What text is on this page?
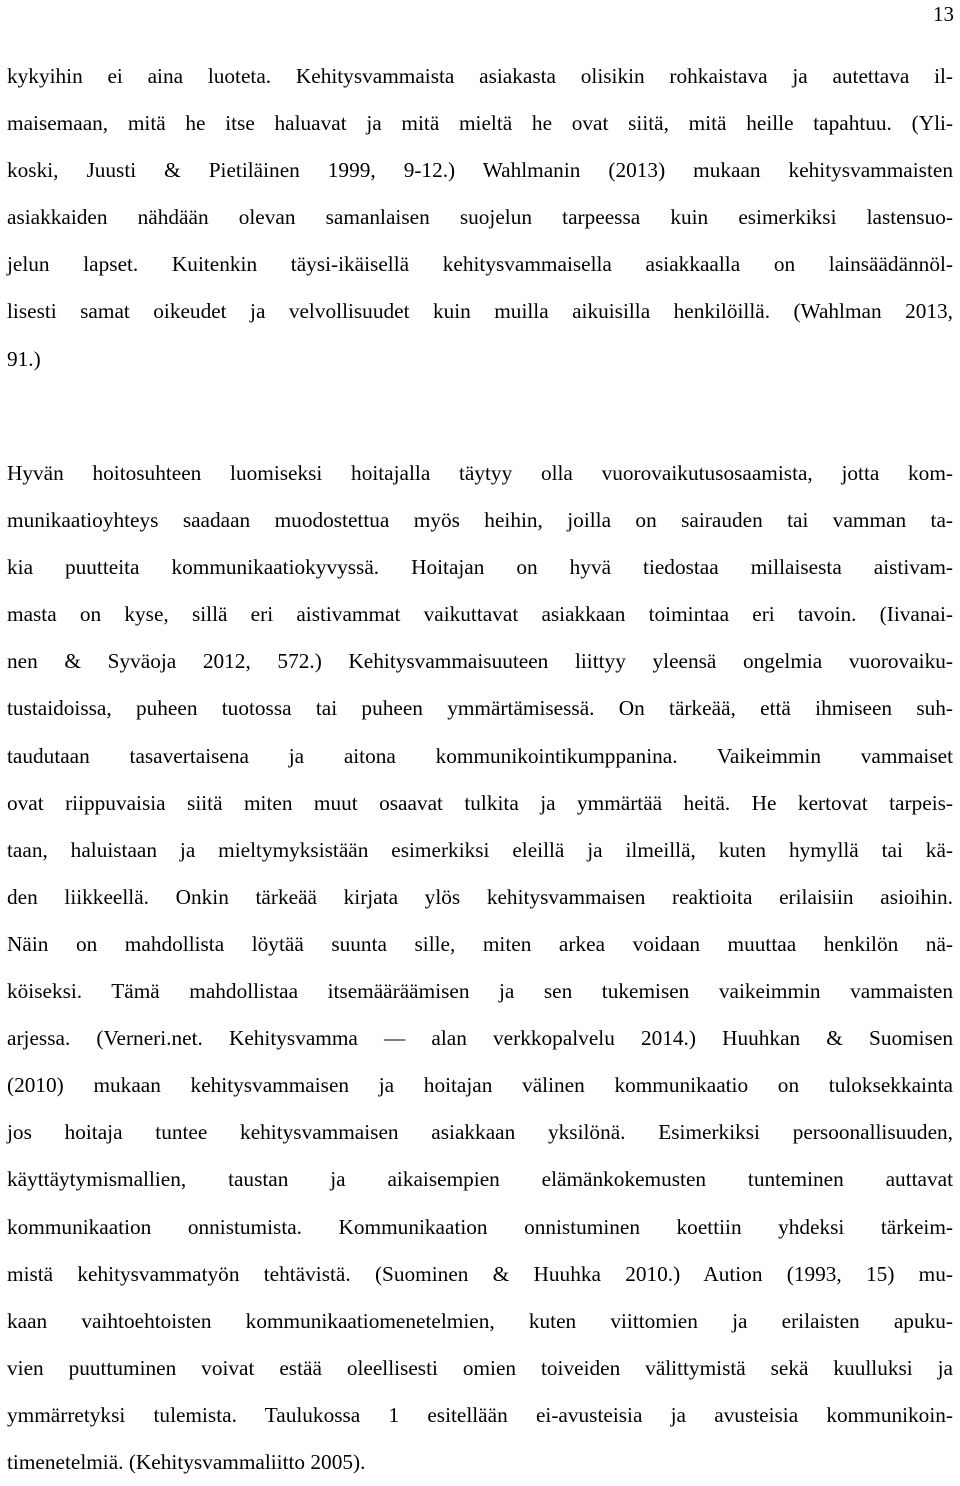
13
kykyihin ei aina luoteta. Kehitysvammaista asiakasta olisikin rohkaistava ja autettava il-
maisemaan, mitä he itse haluavat ja mitä mieltä he ovat siitä, mitä heille tapahtuu. (Yli-
koski, Juusti & Pietiläinen 1999, 9-12.) Wahlmanin (2013) mukaan kehitysvammaisten
asiakkaiden nähdään olevan samanlaisen suojelun tarpeessa kuin esimerkiksi lastensuo-
jelun lapset. Kuitenkin täysi-ikäisellä kehitysvammaisella asiakkaalla on lainsäädännöl-
lisesti samat oikeudet ja velvollisuudet kuin muilla aikuisilla henkilöillä. (Wahlman 2013,
91.)
Hyvän hoitosuhteen luomiseksi hoitajalla täytyy olla vuorovaikutusosaamista, jotta kom-
munikaatioyhteys saadaan muodostettua myös heihin, joilla on sairauden tai vamman ta-
kia puutteita kommunikaatiokyvyssä. Hoitajan on hyvä tiedostaa millaisesta aistivam-
masta on kyse, sillä eri aistivammat vaikuttavat asiakkaan toimintaa eri tavoin. (Iivanai-
nen & Syväoja 2012, 572.) Kehitysvammaisuuteen liittyy yleensä ongelmia vuorovaiku-
tustaidoissa, puheen tuotossa tai puheen ymmärtämisessä. On tärkeää, että ihmiseen suh-
taudutaan tasavertaisena ja aitona kommunikointikumppanina. Vaikeimmin vammaiset
ovat riippuvaisia siitä miten muut osaavat tulkita ja ymmärtää heitä. He kertovat tarpeis-
taan, haluistaan ja mieltymyksistään esimerkiksi eleillä ja ilmeillä, kuten hymyllä tai kä-
den liikkeellä. Onkin tärkeää kirjata ylös kehitysvammaisen reaktioita erilaisiin asioihin.
Näin on mahdollista löytää suunta sille, miten arkea voidaan muuttaa henkilön nä-
köiseksi. Tämä mahdollistaa itsemääräämisen ja sen tukemisen vaikeimmin vammaisten
arjessa. (Verneri.net. Kehitysvamma — alan verkkopalvelu 2014.) Huuhkan & Suomisen
(2010) mukaan kehitysvammaisen ja hoitajan välinen kommunikaatio on tuloksekkainta
jos hoitaja tuntee kehitysvammaisen asiakkaan yksilönä. Esimerkiksi persoonallisuuden,
käyttäytymismallien, taustan ja aikaisempien elämänkokemusten tunteminen auttavat
kommunikaation onnistumista. Kommunikaation onnistuminen koettiin yhdeksi tärkeim-
mistä kehitysvammatyön tehtävistä. (Suominen & Huuhka 2010.) Aution (1993, 15) mu-
kaan vaihtoehtoisten kommunikaatiomenetelmien, kuten viittomien ja erilaisten apuku-
vien puuttuminen voivat estää oleellisesti omien toiveiden välittymistä sekä kuulluksi ja
ymmärretyksi tulemista. Taulukossa 1 esitellään ei-avusteisia ja avusteisia kommunikoin-
timenetelmiä. (Kehitysvammaliitto 2005).
